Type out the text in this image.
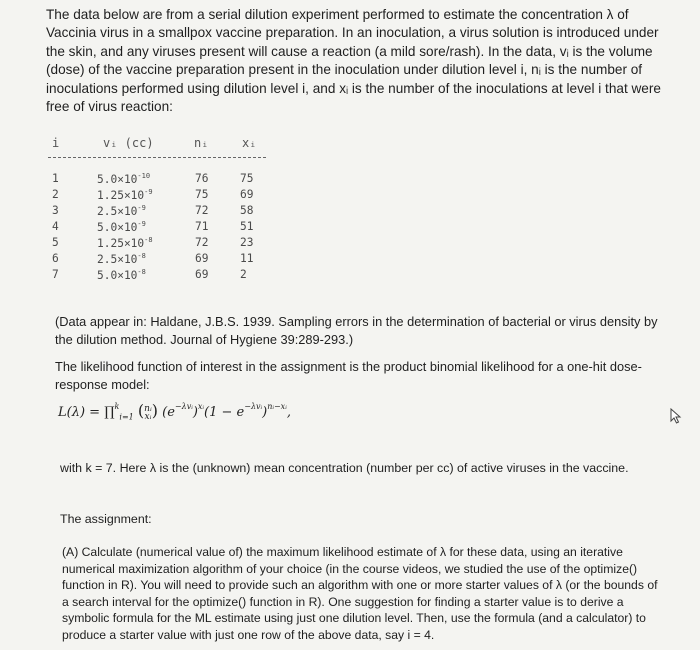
The data below are from a serial dilution experiment performed to estimate the concentration λ of Vaccinia virus in a smallpox vaccine preparation. In an inoculation, a virus solution is introduced under the skin, and any viruses present will cause a reaction (a mild sore/rash). In the data, vᵢ is the volume (dose) of the vaccine preparation present in the inoculation under dilution level i, nᵢ is the number of inoculations performed using dilution level i, and xᵢ is the number of the inoculations at level i that were free of virus reaction:
i	vᵢ (cc)	nᵢ	xᵢ
1	$5.0\times 10^{-10}$	76	75
2	$1.25\times 10^{-9}$	75	69
3	$2.5\times 10^{-9}$	72	58
4	$5.0\times 10^{-9}$	71	51
5	$1.25\times 10^{-8}$	72	23
6	$2.5\times 10^{-8}$	69	11
7	$5.0\times 10^{-8}$	69	2
(Data appear in: Haldane, J.B.S. 1939. Sampling errors in the determination of bacterial or virus density by the dilution method. Journal of Hygiene 39:289-293.)
The likelihood function of interest in the assignment is the product binomial likelihood for a one-hit dose-response model:
L(λ) = ∏$^k_{i=1}$ (nᵢ
xᵢ) $(e^{-\lambda vᵢ})^{xᵢ}(1 - e^{-\lambda vᵢ})^{nᵢ-xᵢ}$,
with k = 7. Here λ is the (unknown) mean concentration (number per cc) of active viruses in the vaccine.
The assignment:
(A) Calculate (numerical value of) the maximum likelihood estimate of λ for these data, using an iterative numerical maximization algorithm of your choice (in the course videos, we studied the use of the optimize() function in R). You will need to provide such an algorithm with one or more starter values of λ (or the bounds of a search interval for the optimize() function in R). One suggestion for finding a starter value is to derive a symbolic formula for the ML estimate using just one dilution level. Then, use the formula (and a calculator) to produce a starter value with just one row of the above data, say i = 4.
